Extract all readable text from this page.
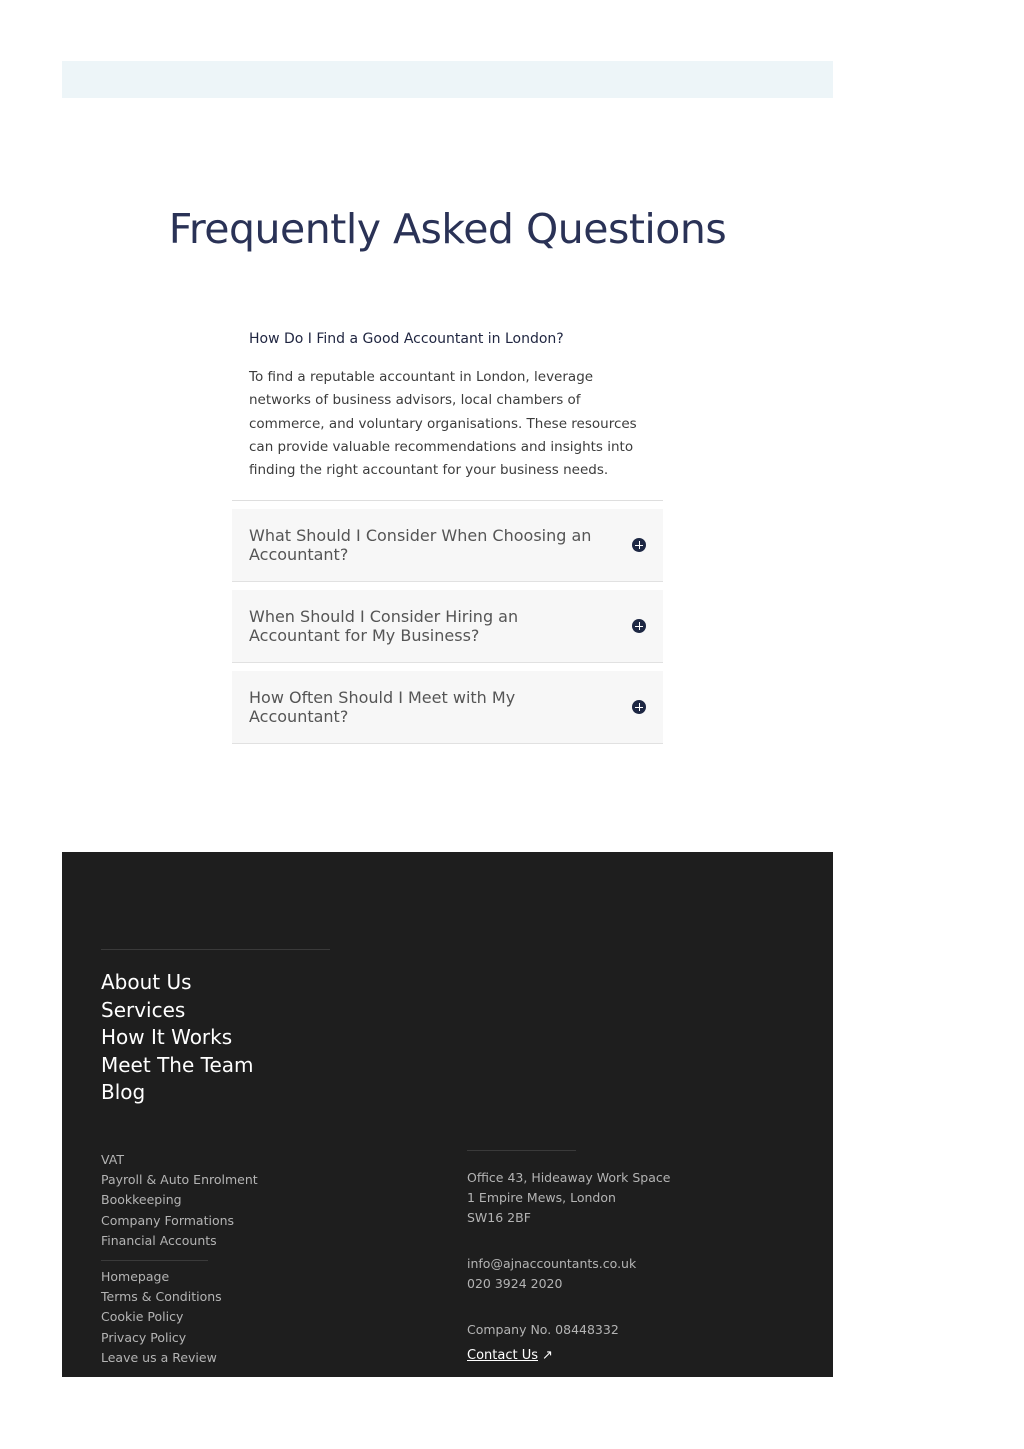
Frequently Asked Questions
How Do I Find a Good Accountant in London?

To find a reputable accountant in London, leverage networks of business advisors, local chambers of commerce, and voluntary organisations. These resources can provide valuable recommendations and insights into finding the right accountant for your business needs.

What Should I Consider When Choosing an Accountant?
When Should I Consider Hiring an Accountant for My Business?
How Often Should I Meet with My Accountant?
About Us
Services
How It Works
Meet The Team
Blog
VAT
Payroll & Auto Enrolment
Bookkeeping
Company Formations
Financial Accounts
Homepage
Terms & Conditions
Cookie Policy
Privacy Policy
Leave us a Review
Office 43, Hideaway Work Space
1 Empire Mews, London
SW16 2BF
info@ajnaccountants.co.uk
020 3924 2020
Company No. 08448332
Contact Us ↗
